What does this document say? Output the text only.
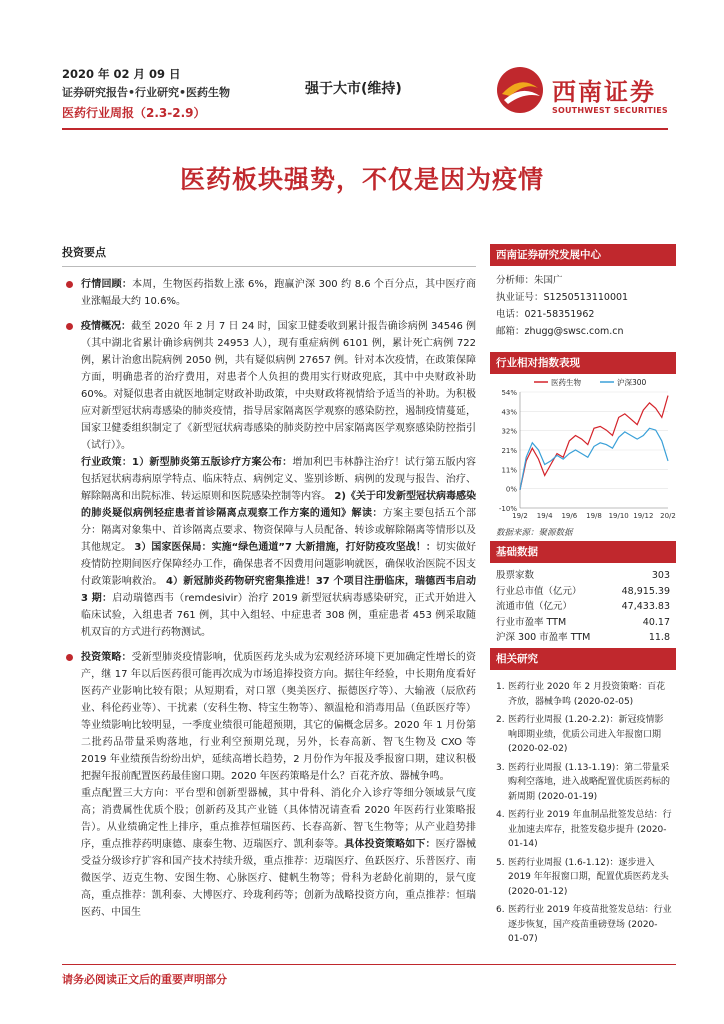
2020 年 02 月 09 日
证券研究报告•行业研究•医药生物
医药行业周报（2.3-2.9）
强于大市(维持)	西南证券
SOUTHWEST SECURITIES
医药板块强势，不仅是因为疫情
投资要点
行情回顾：本周，生物医药指数上涨 6%，跑赢沪深 300 约 8.6 个百分点，其中医疗商业涨幅最大约 10.6%。
疫情概况：截至 2020 年 2 月 7 日 24 时，国家卫健委收到累计报告确诊病例 34546 例（其中湖北省累计确诊病例共 24953 人），现有重症病例 6101 例，累计死亡病例 722 例，累计治愈出院病例 2050 例，共有疑似病例 27657 例。针对本次疫情，在政策保障方面，明确患者的治疗费用，对患者个人负担的费用实行财政兜底，其中中央财政补助 60%。对疑似患者由就医地制定财政补助政策，中央财政将视情给予适当的补助。为积极应对新型冠状病毒感染的肺炎疫情，指导居家隔离医学观察的感染防控，遏制疫情蔓延，国家卫健委组织制定了《新型冠状病毒感染的肺炎防控中居家隔离医学观察感染防控指引（试行）》。
行业政策：1）新型肺炎第五版诊疗方案公布：增加利巴韦林静注治疗！试行第五版内容包括冠状病毒病原学特点、临床特点、病例定义、鉴别诊断、病例的发现与报告、治疗、解除隔离和出院标准、转运原则和医院感染控制等内容。 2)《关于印发新型冠状病毒感染的肺炎疑似病例轻症患者首诊隔离点观察工作方案的通知》解读：方案主要包括五个部分：隔离对象集中、首诊隔离点要求、物资保障与人员配备、转诊或解除隔离等情形以及其他规定。 3）国家医保局：实施“绿色通道”7 大新措施，打好防疫攻坚战！：切实做好疫情防控期间医疗保障经办工作，确保患者不因费用问题影响就医，确保收治医院不因支付政策影响救治。 4）新冠肺炎药物研究密集推进！37 个项目注册临床，瑞德西韦启动 3 期：启动瑞德西韦（remdesivir）治疗 2019 新型冠状病毒感染研究，正式开始进入临床试验，入组患者 761 例，其中入组轻、中症患者 308 例，重症患者 453 例采取随机双盲的方式进行药物测试。
投资策略：受新型肺炎疫情影响，优质医药龙头成为宏观经济环境下更加确定性增长的资产，继 17 年以后医药很可能再次成为市场追捧投资方向。据往年经验，中长期角度看好医药产业影响比较有限；从短期看，对口罩（奥美医疗、振德医疗等）、大输液（辰欣药业、科伦药业等）、干扰素（安科生物、特宝生物等）、额温枪和消毒用品（鱼跃医疗等）等业绩影响比较明显，一季度业绩很可能超预期，其它的偏概念居多。2020 年 1 月份第二批药品带量采购落地，行业利空预期兑现，另外，长春高新、智飞生物及 CXO 等 2019 年业绩预告纷纷出炉，延续高增长趋势，2 月份作为年报及季报窗口期，建议积极把握年报前配置医药最佳窗口期。2020 年医药策略是什么？百花齐放、器械争鸣。
重点配置三大方向：平台型和创新型器械，其中骨科、消化介入诊疗等细分领域景气度高；消费属性优质个股；创新药及其产业链（具体情况请查看 2020 年医药行业策略报告）。从业绩确定性上排序，重点推荐恒瑞医药、长春高新、智飞生物等；从产业趋势排序，重点推荐药明康德、康泰生物、迈瑞医疗、凯利泰等。具体投资策略如下：医疗器械受益分级诊疗扩容和国产技术持续升级，重点推荐：迈瑞医疗、鱼跃医疗、乐普医疗、南微医学、迈克生物、安图生物、心脉医疗、健帆生物等；骨科为老龄化前期的，景气度高，重点推荐：凯利泰、大博医疗、玲珑利药等；创新为战略投资方向，重点推荐：恒瑞医药、中国生
西南证券研究发展中心
分析师：朱国广
执业证号：S1250513110001
电话：021-58351962
邮箱：zhugg@swsc.com.cn
行业相对指数表现
54%
43%
32%
21%
11%
0%
-10%
19/2 19/4 19/6 19/8 19/10 19/12 20/2
医药生物	沪深300
数据来源：聚源数据
基础数据
股票家数	303
行业总市值（亿元）	48,915.39
流通市值（亿元）	47,433.83
行业市盈率 TTM	40.17
沪深 300 市盈率 TTM	11.8
相关研究
1. 医药行业 2020 年 2 月投资策略：百花齐放，器械争鸣 (2020-02-05)
2. 医药行业周报 (1.20-2.2)：新冠疫情影响即期业绩，优质公司进入年报窗口期 (2020-02-02)
3. 医药行业周报 (1.13-1.19)：第二带量采购利空落地，进入战略配置优质医药标的新周期 (2020-01-19)
4. 医药行业 2019 年血制品批签发总结：行业加速去库存，批签发稳步提升 (2020-01-14)
5. 医药行业周报 (1.6-1.12)：逐步进入 2019 年年报窗口期，配置优质医药龙头 (2020-01-12)
6. 医药行业 2019 年疫苗批签发总结：行业逐步恢复，国产疫苗重磅登场 (2020-01-07)
请务必阅读正文后的重要声明部分
